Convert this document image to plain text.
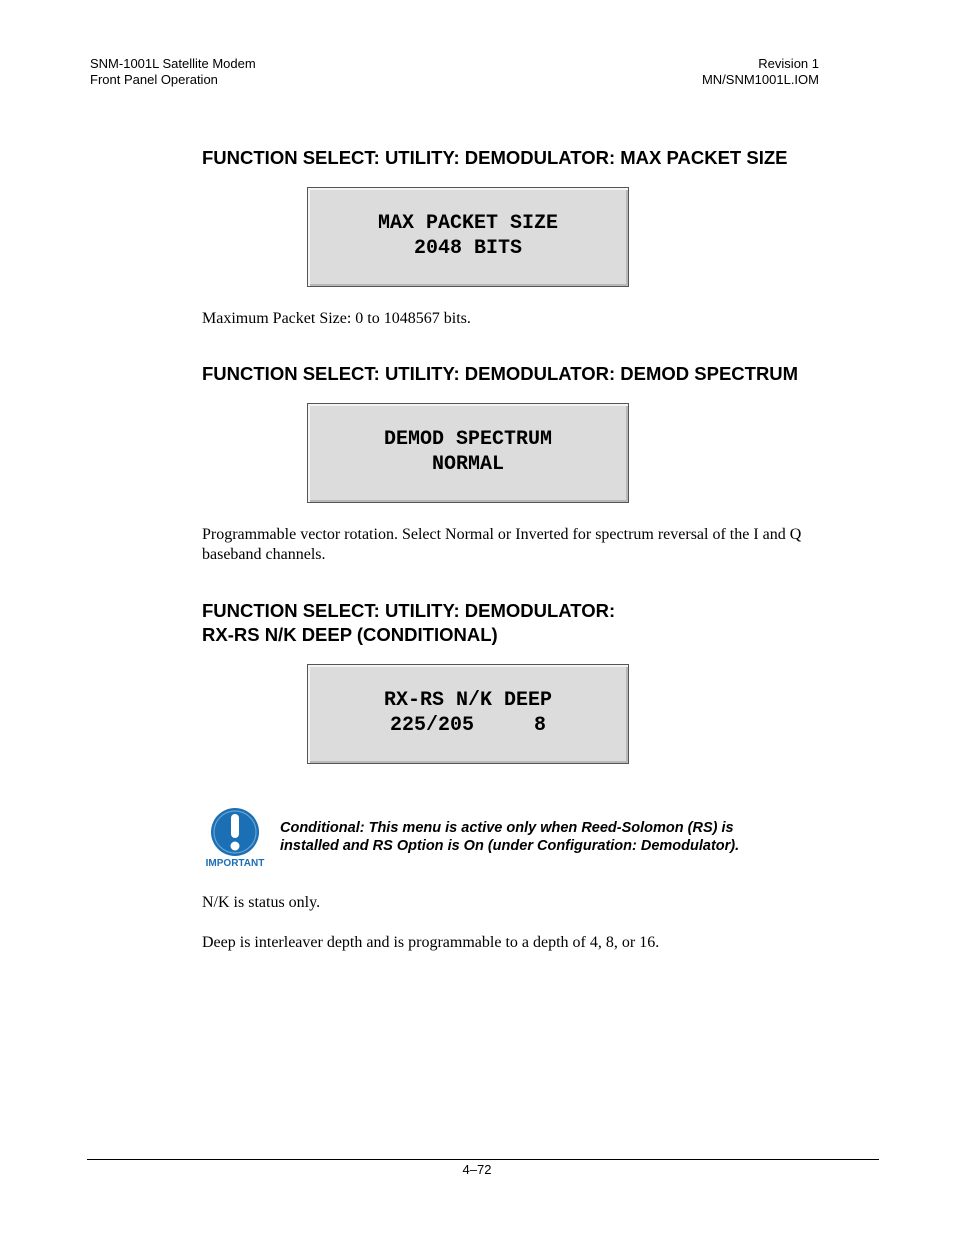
SNM-1001L Satellite Modem
Front Panel Operation
Revision 1
MN/SNM1001L.IOM
FUNCTION SELECT: UTILITY: DEMODULATOR: MAX PACKET SIZE
MAX PACKET SIZE
2048 BITS
Maximum Packet Size: 0 to 1048567 bits.
FUNCTION SELECT: UTILITY: DEMODULATOR: DEMOD SPECTRUM
DEMOD SPECTRUM
NORMAL
Programmable vector rotation. Select Normal or Inverted for spectrum reversal of the I and Q baseband channels.
FUNCTION SELECT: UTILITY: DEMODULATOR:
RX-RS N/K DEEP (CONDITIONAL)
RX-RS N/K DEEP
225/205     8
IMPORTANT
Conditional: This menu is active only when Reed-Solomon (RS) is
installed and RS Option is On (under Configuration: Demodulator).
N/K is status only.
Deep is interleaver depth and is programmable to a depth of 4, 8, or 16.
4–72
